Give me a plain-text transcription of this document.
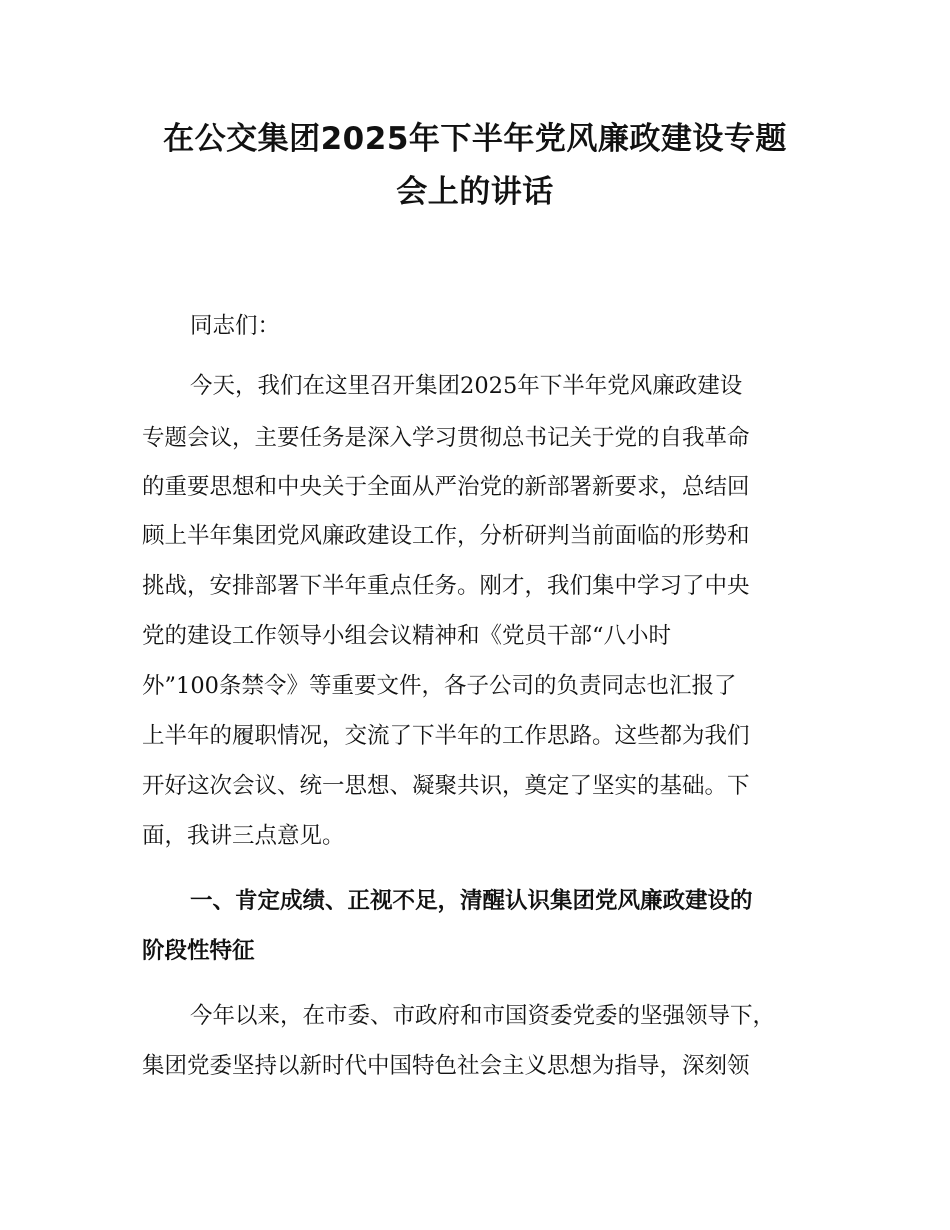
在公交集团2025年下半年党风廉政建设专题
会上的讲话
同志们：
今天，我们在这里召开集团2025年下半年党风廉政建设
专题会议，主要任务是深入学习贯彻总书记关于党的自我革命
的重要思想和中央关于全面从严治党的新部署新要求，总结回
顾上半年集团党风廉政建设工作，分析研判当前面临的形势和
挑战，安排部署下半年重点任务。刚才，我们集中学习了中央
党的建设工作领导小组会议精神和《党员干部“八小时
外”100条禁令》等重要文件，各子公司的负责同志也汇报了
上半年的履职情况，交流了下半年的工作思路。这些都为我们
开好这次会议、统一思想、凝聚共识，奠定了坚实的基础。下
面，我讲三点意见。
一、肯定成绩、正视不足，清醒认识集团党风廉政建设的
阶段性特征
今年以来，在市委、市政府和市国资委党委的坚强领导下，
集团党委坚持以新时代中国特色社会主义思想为指导，深刻领
